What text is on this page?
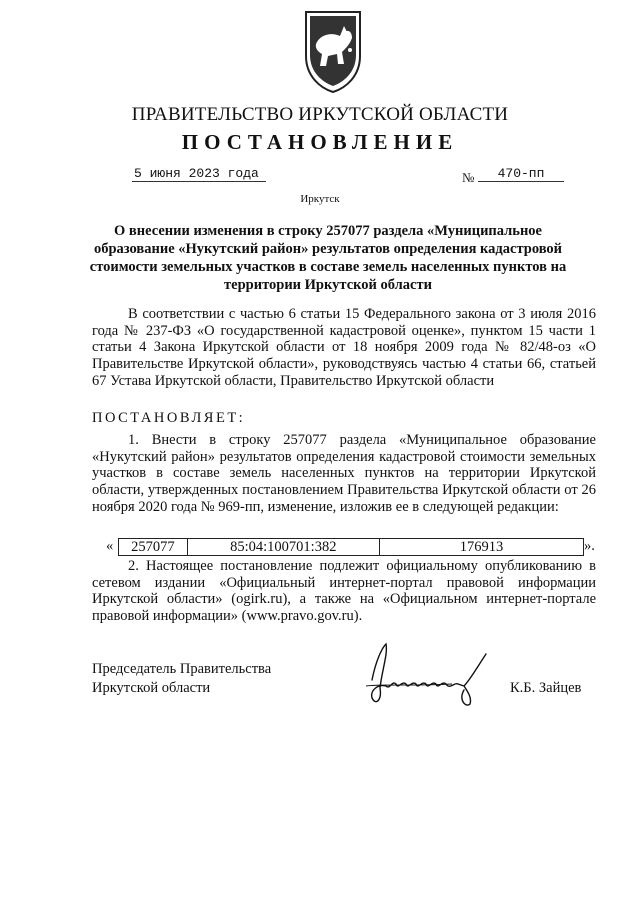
ПРАВИТЕЛЬСТВО ИРКУТСКОЙ ОБЛАСТИ
ПОСТАНОВЛЕНИЕ
5 июня 2023 года	№	470-пп
Иркутск
О внесении изменения в строку 257077 раздела «Муниципальное образование «Нукутский район» результатов определения кадастровой стоимости земельных участков в составе земель населенных пунктов на территории Иркутской области
В соответствии с частью 6 статьи 15 Федерального закона от 3 июля 2016 года № 237-ФЗ «О государственной кадастровой оценке», пунктом 15 части 1 статьи 4 Закона Иркутской области от 18 ноября 2009 года № 82/48-оз «О Правительстве Иркутской области», руководствуясь частью 4 статьи 66, статьей 67 Устава Иркутской области, Правительство Иркутской области
ПОСТАНОВЛЯЕТ:
1. Внести в строку 257077 раздела «Муниципальное образование «Нукутский район» результатов определения кадастровой стоимости земельных участков в составе земель населенных пунктов на территории Иркутской области, утвержденных постановлением Правительства Иркутской области от 26 ноября 2020 года № 969-пп, изменение, изложив ее в следующей редакции:
«	257077	85:04:100701:382	176913	».
2. Настоящее постановление подлежит официальному опубликованию в сетевом издании «Официальный интернет-портал правовой информации Иркутской области» (ogirk.ru), а также на «Официальном интернет-портале правовой информации» (www.pravo.gov.ru).
Председатель Правительства
Иркутской области	К.Б. Зайцев
